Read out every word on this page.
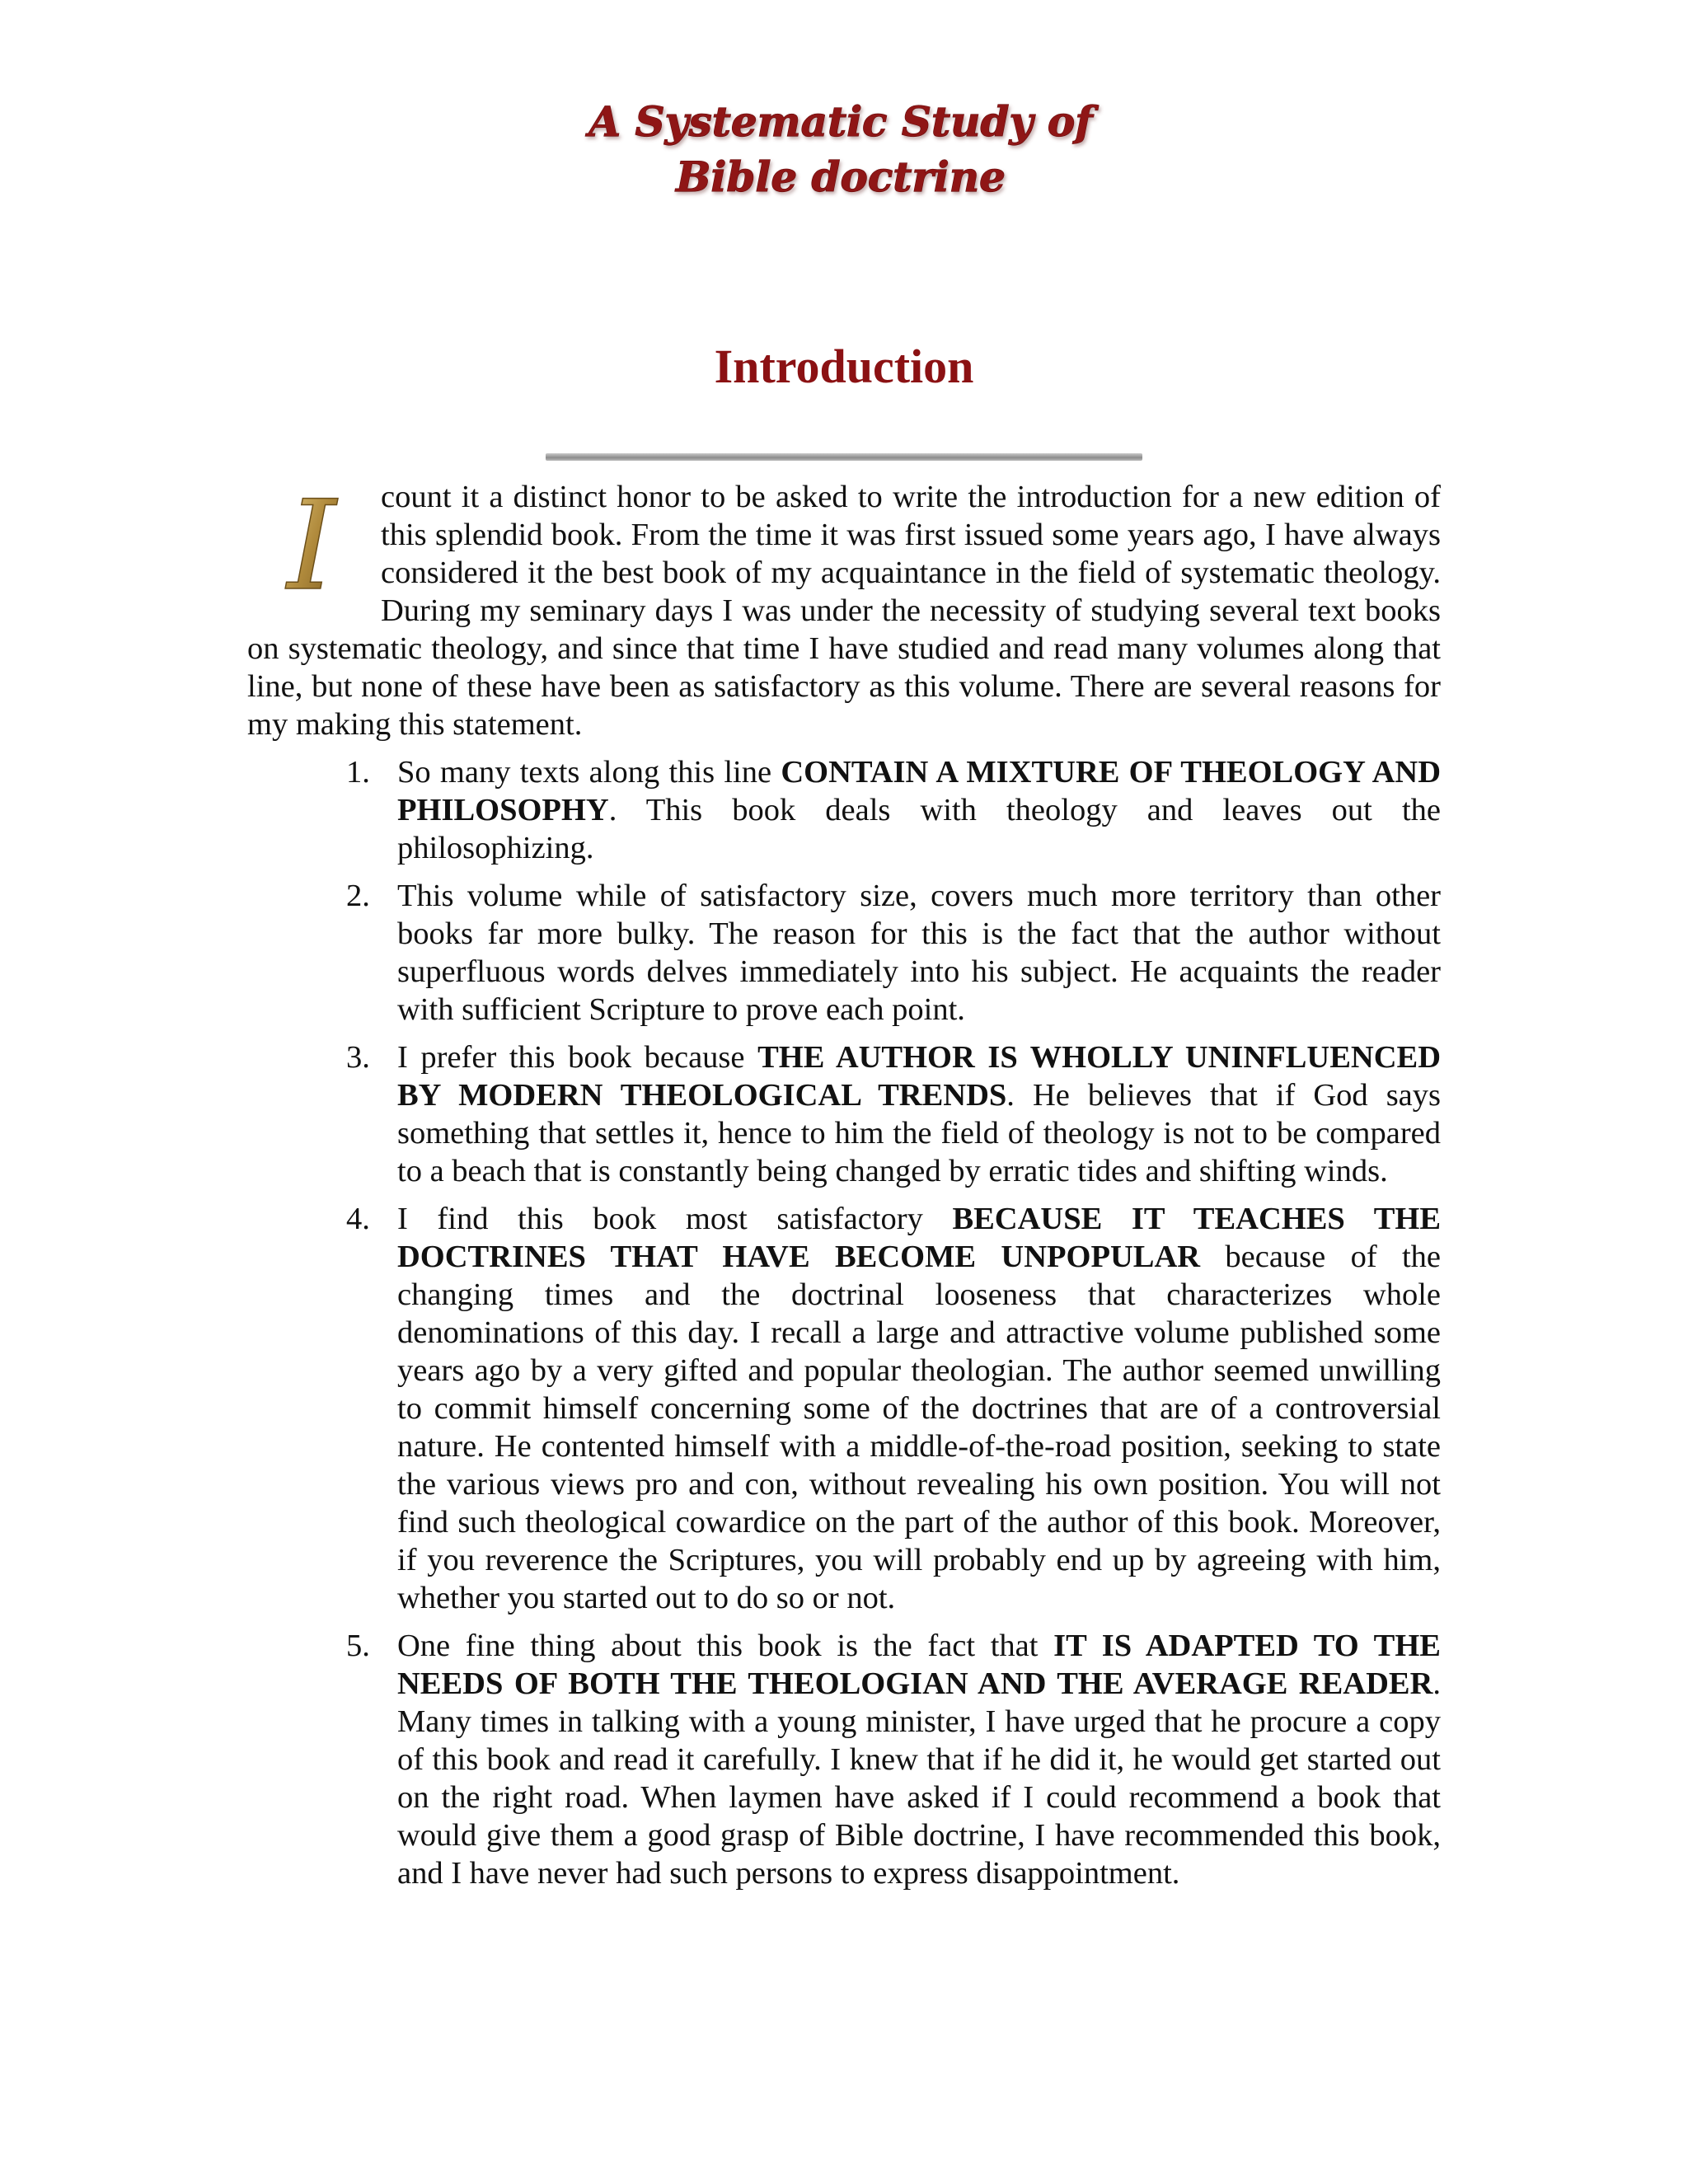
A Systematic Study of
Bible doctrine
Introduction
I	count it a distinct honor to be asked to write the introduction for a new edition of this splendid book. From the time it was first issued some years ago, I have always considered it the best book of my acquaintance in the field of systematic theology. During my seminary days I was under the necessity of studying several text books on systematic theology, and since that time I have studied and read many volumes along that line, but none of these have been as satisfactory as this volume. There are several reasons for my making this statement.

1. So many texts along this line CONTAIN A MIXTURE OF THEOLOGY AND PHILOSOPHY. This book deals with theology and leaves out the philosophizing.
2. This volume while of satisfactory size, covers much more territory than other books far more bulky. The reason for this is the fact that the author without superfluous words delves immediately into his subject. He acquaints the reader with sufficient Scripture to prove each point.
3. I prefer this book because THE AUTHOR IS WHOLLY UNINFLUENCED BY MODERN THEOLOGICAL TRENDS. He believes that if God says something that settles it, hence to him the field of theology is not to be compared to a beach that is constantly being changed by erratic tides and shifting winds.
4. I find this book most satisfactory BECAUSE IT TEACHES THE DOCTRINES THAT HAVE BECOME UNPOPULAR because of the changing times and the doctrinal looseness that characterizes whole denominations of this day. I recall a large and attractive volume published some years ago by a very gifted and popular theologian. The author seemed unwilling to commit himself concerning some of the doctrines that are of a controversial nature. He contented himself with a middle-of-the-road position, seeking to state the various views pro and con, without revealing his own position. You will not find such theological cowardice on the part of the author of this book. Moreover, if you reverence the Scriptures, you will probably end up by agreeing with him, whether you started out to do so or not.
5. One fine thing about this book is the fact that IT IS ADAPTED TO THE NEEDS OF BOTH THE THEOLOGIAN AND THE AVERAGE READER. Many times in talking with a young minister, I have urged that he procure a copy of this book and read it carefully. I knew that if he did it, he would get started out on the right road. When laymen have asked if I could recommend a book that would give them a good grasp of Bible doctrine, I have recommended this book, and I have never had such persons to express disappointment.
